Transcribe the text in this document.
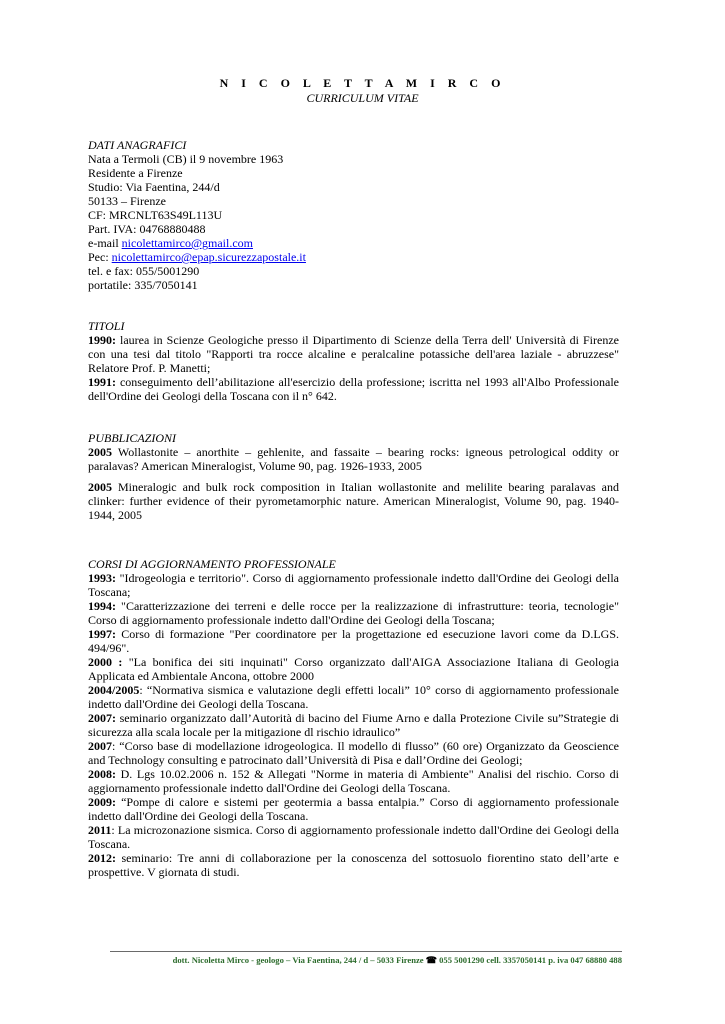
N I C O L E T T A M I R C O
CURRICULUM VITAE
DATI ANAGRAFICI
Nata a Termoli (CB) il 9 novembre 1963
Residente a Firenze
Studio: Via Faentina, 244/d
50133 – Firenze
CF: MRCNLT63S49L113U
Part. IVA: 04768880488
e-mail nicolettamirco@gmail.com
Pec: nicolettamirco@epap.sicurezzapostale.it
tel. e fax: 055/5001290
portatile: 335/7050141
TITOLI

1990: laurea in Scienze Geologiche presso il Dipartimento di Scienze della Terra dell' Università di Firenze con una tesi dal titolo "Rapporti tra rocce alcaline e peralcaline potassiche dell'area laziale - abruzzese" Relatore Prof. P. Manetti;

1991: conseguimento dell’abilitazione all'esercizio della professione; iscritta nel 1993 all'Albo Professionale dell'Ordine dei Geologi della Toscana con il n° 642.

PUBBLICAZIONI

2005 Wollastonite – anorthite – gehlenite, and fassaite – bearing rocks: igneous petrological oddity or paralavas? American Mineralogist, Volume 90, pag. 1926-1933, 2005

2005 Mineralogic and bulk rock composition in Italian wollastonite and melilite bearing paralavas and clinker: further evidence of their pyrometamorphic nature. American Mineralogist, Volume 90, pag. 1940-1944, 2005

CORSI DI AGGIORNAMENTO PROFESSIONALE

1993: "Idrogeologia e territorio". Corso di aggiornamento professionale indetto dall'Ordine dei Geologi della Toscana;

1994: "Caratterizzazione dei terreni e delle rocce per la realizzazione di infrastrutture: teoria, tecnologie" Corso di aggiornamento professionale indetto dall'Ordine dei Geologi della Toscana;

1997: Corso di formazione "Per coordinatore per la progettazione ed esecuzione lavori come da D.LGS. 494/96".

2000 : "La bonifica dei siti inquinati" Corso organizzato dall'AIGA Associazione Italiana di Geologia Applicata ed Ambientale Ancona, ottobre 2000

2004/2005: “Normativa sismica e valutazione degli effetti locali” 10° corso di aggiornamento professionale indetto dall'Ordine dei Geologi della Toscana.

2007: seminario organizzato dall’Autorità di bacino del Fiume Arno e dalla Protezione Civile su”Strategie di sicurezza alla scala locale per la mitigazione dl rischio idraulico”

2007: “Corso base di modellazione idrogeologica. Il modello di flusso” (60 ore) Organizzato da Geoscience and Technology consulting e patrocinato dall’Università di Pisa e dall’Ordine dei Geologi;

2008: D. Lgs 10.02.2006 n. 152 & Allegati "Norme in materia di Ambiente" Analisi del rischio. Corso di aggiornamento professionale indetto dall'Ordine dei Geologi della Toscana.

2009: “Pompe di calore e sistemi per geotermia a bassa entalpia.” Corso di aggiornamento professionale indetto dall'Ordine dei Geologi della Toscana.

2011: La microzonazione sismica. Corso di aggiornamento professionale indetto dall'Ordine dei Geologi della Toscana.

2012: seminario: Tre anni di collaborazione per la conoscenza del sottosuolo fiorentino stato dell’arte e prospettive. V giornata di studi.

dott. Nicoletta Mirco - geologo – Via Faentina, 244 / d – 5033 Firenze ☎ 055 5001290 cell. 3357050141 p. iva 047 68880 488
